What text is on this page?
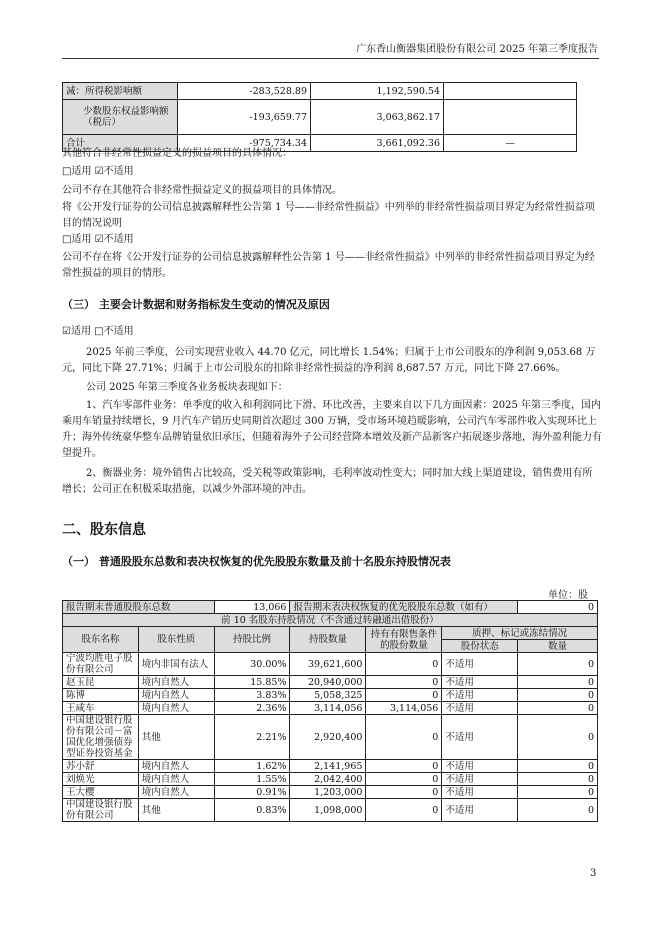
广东香山衡器集团股份有限公司 2025 年第三季度报告
减：所得税影响额	-283,528.89	1,192,590.54	
少数股东权益影响额（税后）	-193,659.77	3,063,862.17	
合计	-975,734.34	3,661,092.36	—
其他符合非经常性损益定义的损益项目的具体情况：
□适用 ☑不适用
公司不存在其他符合非经常性损益定义的损益项目的具体情况。
将《公开发行证券的公司信息披露解释性公告第 1 号——非经常性损益》中列举的非经常性损益项目界定为经常性损益项目的情况说明
□适用 ☑不适用
公司不存在将《公开发行证券的公司信息披露解释性公告第 1 号——非经常性损益》中列举的非经常性损益项目界定为经常性损益的项目的情形。
（三） 主要会计数据和财务指标发生变动的情况及原因
☑适用 □不适用
2025 年前三季度，公司实现营业收入 44.70 亿元，同比增长 1.54%；归属于上市公司股东的净利润 9,053.68 万元，同比下降 27.71%；归属于上市公司股东的扣除非经常性损益的净利润 8,687.57 万元，同比下降 27.66%。
公司 2025 年第三季度各业务板块表现如下：
1、汽车零部件业务：单季度的收入和利润同比下滑、环比改善，主要来自以下几方面因素：2025 年第三季度，国内乘用车销量持续增长，9 月汽车产销历史同期首次超过 300 万辆，受市场环境趋暖影响，公司汽车零部件收入实现环比上升；海外传统豪华整车品牌销量依旧承压，但随着海外子公司经营降本增效及新产品新客户拓展逐步落地，海外盈利能力有望提升。
2、衡器业务：境外销售占比较高，受关税等政策影响，毛利率波动性变大；同时加大线上渠道建设，销售费用有所增长；公司正在积极采取措施，以减少外部环境的冲击。
二、股东信息
（一） 普通股股东总数和表决权恢复的优先股股东数量及前十名股东持股情况表
单位：股
报告期末普通股股东总数		13,066	报告期末表决权恢复的优先股股东总数（如有）			0
前 10 名股东持股情况（不含通过转融通出借股份）						
股东名称	股东性质	持股比例	持股数量	持有有限售条件的股份数量	质押、标记或冻结情况	
					股份状态	数量
宁波均胜电子股份有限公司	境内非国有法人	30.00%	39,621,600	0	不适用	0
赵玉昆	境内自然人	15.85%	20,940,000	0	不适用	0
陈博	境内自然人	3.83%	5,058,325	0	不适用	0
王咸车	境内自然人	2.36%	3,114,056	3,114,056	不适用	0
中国建设银行股份有限公司－富国优化增强债券型证券投资基金	其他	2.21%	2,920,400	0	不适用	0
苏小舒	境内自然人	1.62%	2,141,965	0	不适用	0
刘焕光	境内自然人	1.55%	2,042,400	0	不适用	0
王大樱	境内自然人	0.91%	1,203,000	0	不适用	0
中国建设银行股份有限公司	其他	0.83%	1,098,000	0	不适用	0
3
